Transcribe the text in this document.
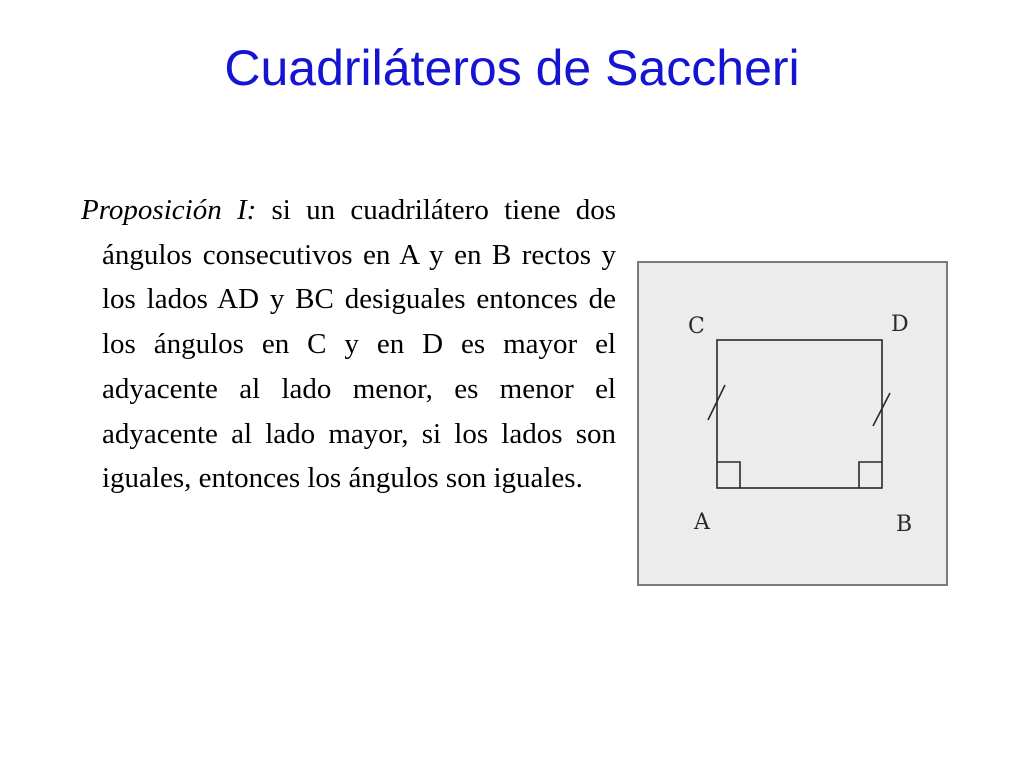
Cuadriláteros de Saccheri

Proposición I: si un cuadrilátero tiene dos ángulos consecutivos en A y en B rectos y los lados AD y BC desiguales entonces de los ángulos en C y en D es mayor el adyacente al lado menor, es menor el adyacente al lado mayor, si los lados son iguales, entonces los ángulos son iguales.

C	D
A	B
